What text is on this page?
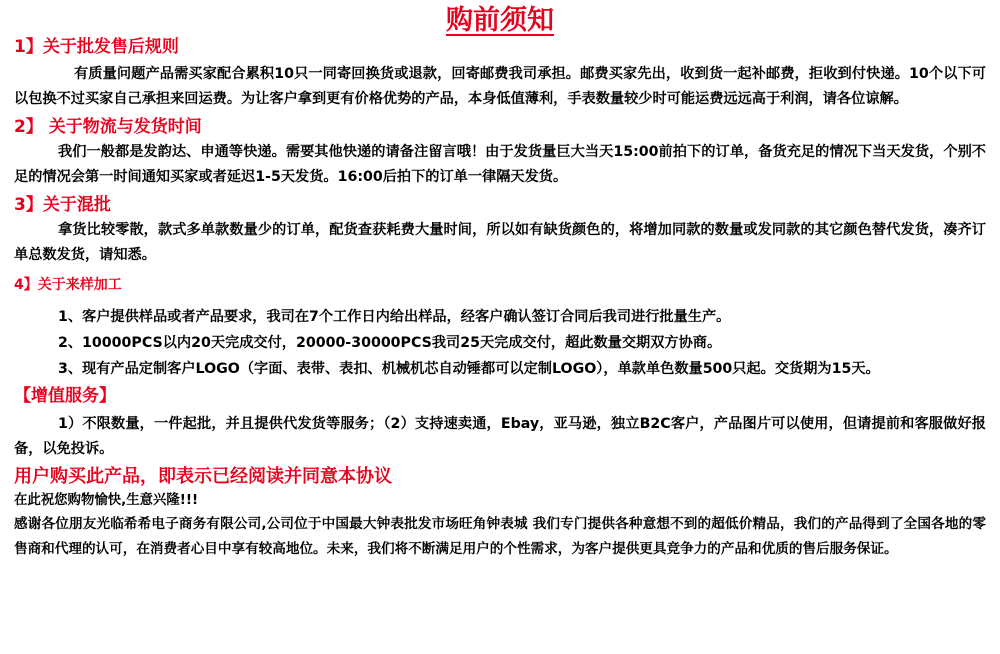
购前须知
1】关于批发售后规则
有质量问题产品需买家配合累积10只一同寄回换货或退款，回寄邮费我司承担。邮费买家先出，收到货一起补邮费，拒收到付快递。10个以下可以包换不过买家自己承担来回运费。为让客户拿到更有价格优势的产品，本身低值薄利，手表数量较少时可能运费远远高于利润，请各位谅解。
2】 关于物流与发货时间
我们一般都是发韵达、申通等快递。需要其他快递的请备注留言哦！由于发货量巨大当天15:00前拍下的订单，备货充足的情况下当天发货，个别不足的情况会第一时间通知买家或者延迟1-5天发货。16:00后拍下的订单一律隔天发货。
3】关于混批
拿货比较零散，款式多单款数量少的订单，配货查获耗费大量时间，所以如有缺货颜色的，将增加同款的数量或发同款的其它颜色替代发货，凑齐订单总数发货，请知悉。
4】关于来样加工
1、客户提供样品或者产品要求，我司在7个工作日内给出样品，经客户确认签订合同后我司进行批量生产。
2、10000PCS以内20天完成交付，20000-30000PCS我司25天完成交付，超此数量交期双方协商。
3、现有产品定制客户LOGO（字面、表带、表扣、机械机芯自动锤都可以定制LOGO），单款单色数量500只起。交货期为15天。
【增值服务】
1）不限数量，一件起批，并且提供代发货等服务；（2）支持速卖通，Ebay，亚马逊，独立B2C客户，产品图片可以使用，但请提前和客服做好报备，以免投诉。
用户购买此产品，即表示已经阅读并同意本协议
在此祝您购物愉快,生意兴隆!!!
感谢各位朋友光临希希电子商务有限公司,公司位于中国最大钟表批发市场旺角钟表城 我们专门提供各种意想不到的超低价精品，我们的产品得到了全国各地的零售商和代理的认可，在消费者心目中享有较高地位。未来，我们将不断满足用户的个性需求，为客户提供更具竞争力的产品和优质的售后服务保证。
